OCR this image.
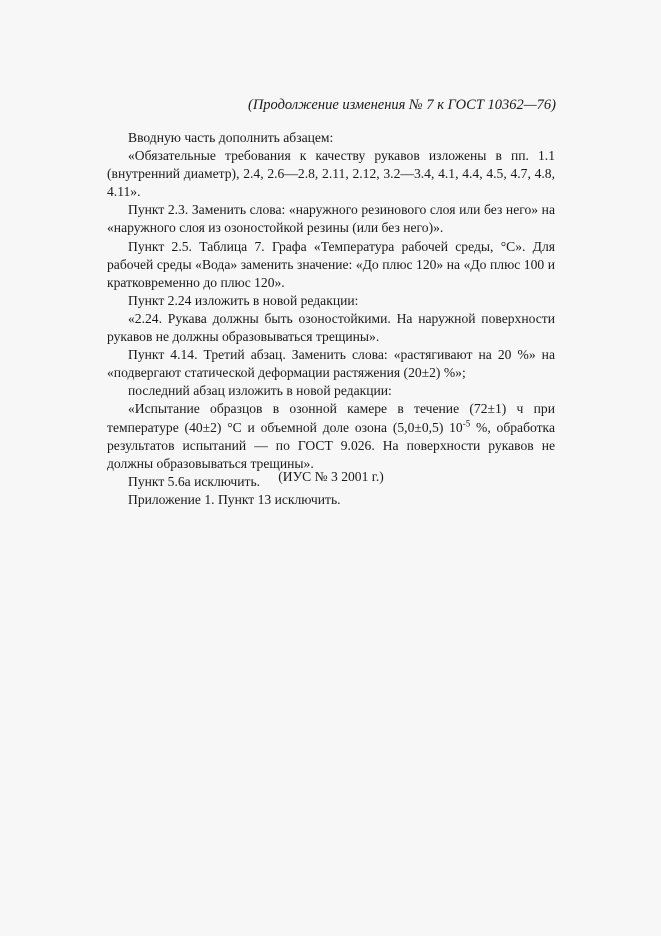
(Продолжение изменения № 7 к ГОСТ 10362—76)

Вводную часть дополнить абзацем:

«Обязательные требования к качеству рукавов изложены в пп. 1.1 (внутренний диаметр), 2.4, 2.6—2.8, 2.11, 2.12, 3.2—3.4, 4.1, 4.4, 4.5, 4.7, 4.8, 4.11».

Пункт 2.3. Заменить слова: «наружного резинового слоя или без него» на «наружного слоя из озоностойкой резины (или без него)».

Пункт 2.5. Таблица 7. Графа «Температура рабочей среды, °С». Для рабочей среды «Вода» заменить значение: «До плюс 120» на «До плюс 100 и кратковременно до плюс 120».

Пункт 2.24 изложить в новой редакции:

«2.24. Рукава должны быть озоностойкими. На наружной поверхности рукавов не должны образовываться трещины».

Пункт 4.14. Третий абзац. Заменить слова: «растягивают на 20 %» на «подвергают статической деформации растяжения (20±2) %»;

последний абзац изложить в новой редакции:

«Испытание образцов в озонной камере в течение (72±1) ч при температуре (40±2) °С и объемной доле озона (5,0±0,5) $10^{-5}$ %, обработка результатов испытаний — по ГОСТ 9.026. На поверхности рукавов не должны образовываться трещины».

Пункт 5.6а исключить.

Приложение 1. Пункт 13 исключить.

(ИУС № 3 2001 г.)
